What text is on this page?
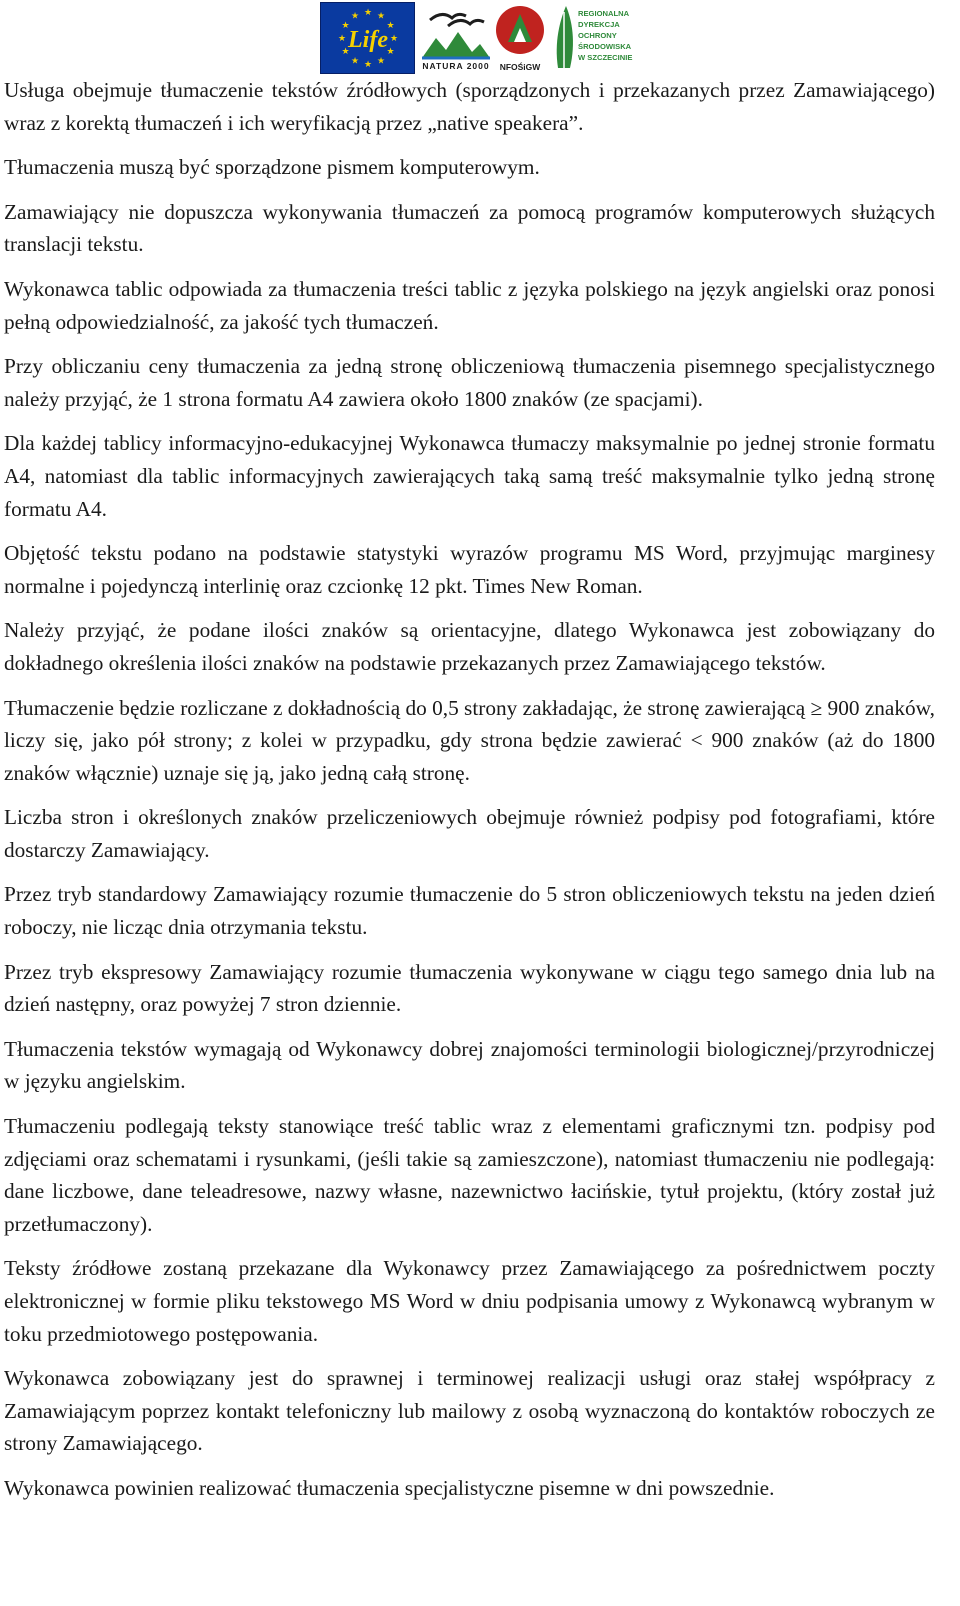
★ ★
★
★
★
★
★
★
★
★
★
★
Life
NATURA 2000 NFOŚiGW
REGIONALNA
DYREKCJA
OCHRONY
ŚRODOWISKA
W SZCZECINIE

Usługa obejmuje tłumaczenie tekstów źródłowych (sporządzonych i przekazanych przez Zamawiającego) wraz z korektą tłumaczeń i ich weryfikacją przez „native speakera”.

Tłumaczenia muszą być sporządzone pismem komputerowym.

Zamawiający nie dopuszcza wykonywania tłumaczeń za pomocą programów komputerowych służących translacji tekstu.

Wykonawca tablic odpowiada za tłumaczenia treści tablic z języka polskiego na język angielski oraz ponosi pełną odpowiedzialność, za jakość tych tłumaczeń.

Przy obliczaniu ceny tłumaczenia za jedną stronę obliczeniową tłumaczenia pisemnego specjalistycznego należy przyjąć, że 1 strona formatu A4 zawiera około 1800 znaków (ze spacjami).

Dla każdej tablicy informacyjno-edukacyjnej Wykonawca tłumaczy maksymalnie po jednej stronie formatu A4, natomiast dla tablic informacyjnych zawierających taką samą treść maksymalnie tylko jedną stronę formatu A4.

Objętość tekstu podano na podstawie statystyki wyrazów programu MS Word, przyjmując marginesy normalne i pojedynczą interlinię oraz czcionkę 12 pkt. Times New Roman.

Należy przyjąć, że podane ilości znaków są orientacyjne, dlatego Wykonawca jest zobowiązany do dokładnego określenia ilości znaków na podstawie przekazanych przez Zamawiającego tekstów.

Tłumaczenie będzie rozliczane z dokładnością do 0,5 strony zakładając, że stronę zawierającą ≥ 900 znaków, liczy się, jako pół strony; z kolei w przypadku, gdy strona będzie zawierać < 900 znaków (aż do 1800 znaków włącznie) uznaje się ją, jako jedną całą stronę.

Liczba stron i określonych znaków przeliczeniowych obejmuje również podpisy pod fotografiami, które dostarczy Zamawiający.

Przez tryb standardowy Zamawiający rozumie tłumaczenie do 5 stron obliczeniowych tekstu na jeden dzień roboczy, nie licząc dnia otrzymania tekstu.

Przez tryb ekspresowy Zamawiający rozumie tłumaczenia wykonywane w ciągu tego samego dnia lub na dzień następny, oraz powyżej 7 stron dziennie.

Tłumaczenia tekstów wymagają od Wykonawcy dobrej znajomości terminologii biologicznej/przyrodniczej w języku angielskim.

Tłumaczeniu podlegają teksty stanowiące treść tablic wraz z elementami graficznymi tzn. podpisy pod zdjęciami oraz schematami i rysunkami, (jeśli takie są zamieszczone), natomiast tłumaczeniu nie podlegają: dane liczbowe, dane teleadresowe, nazwy własne, nazewnictwo łacińskie, tytuł projektu, (który został już przetłumaczony).

Teksty źródłowe zostaną przekazane dla Wykonawcy przez Zamawiającego za pośrednictwem poczty elektronicznej w formie pliku tekstowego MS Word w dniu podpisania umowy z Wykonawcą wybranym w toku przedmiotowego postępowania.

Wykonawca zobowiązany jest do sprawnej i terminowej realizacji usługi oraz stałej współpracy z Zamawiającym poprzez kontakt telefoniczny lub mailowy z osobą wyznaczoną do kontaktów roboczych ze strony Zamawiającego.

Wykonawca powinien realizować tłumaczenia specjalistyczne pisemne w dni powszednie.
